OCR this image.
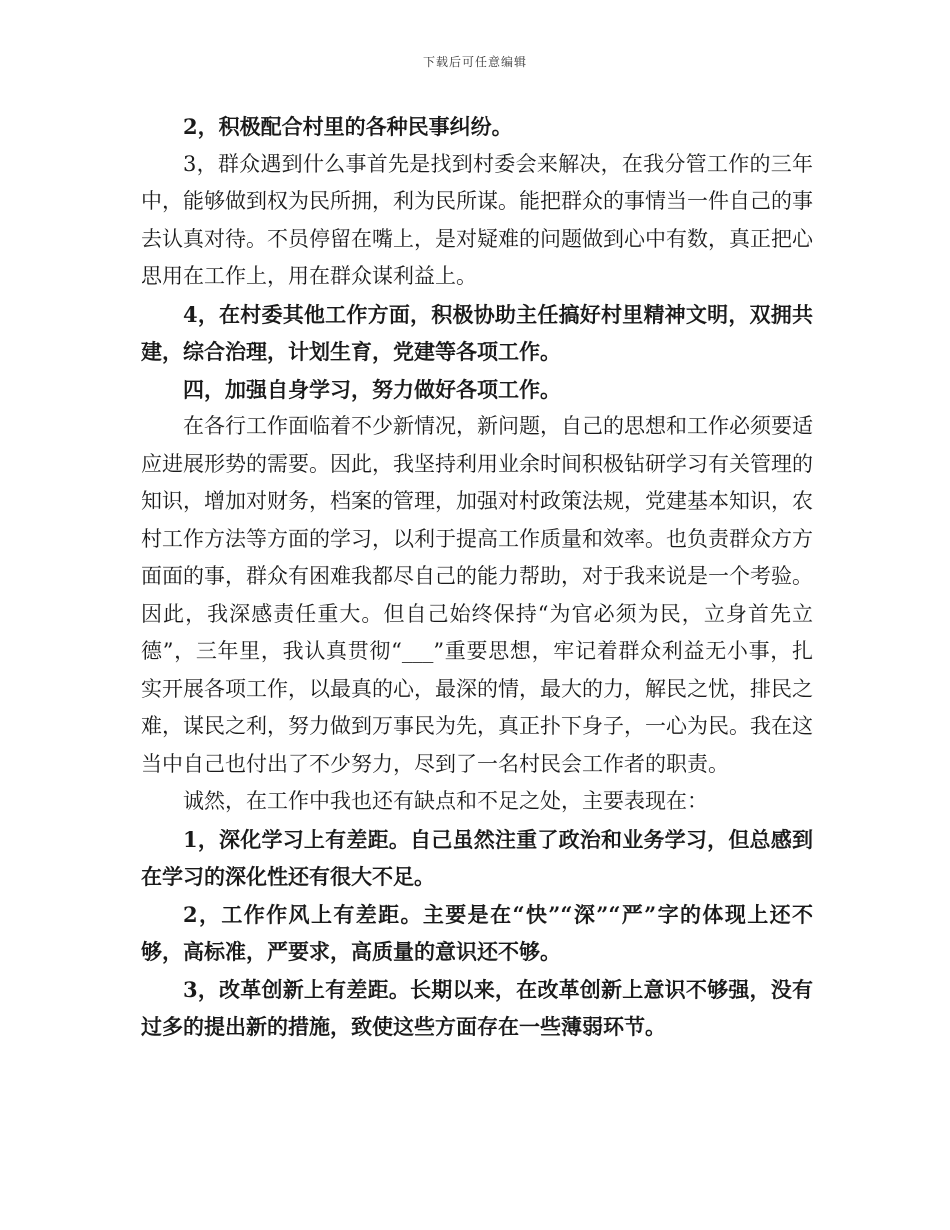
下载后可任意编辑

2，积极配合村里的各种民事纠纷。

3，群众遇到什么事首先是找到村委会来解决，在我分管工作的三年中，能够做到权为民所拥，利为民所谋。能把群众的事情当一件自己的事去认真对待。不员停留在嘴上，是对疑难的问题做到心中有数，真正把心思用在工作上，用在群众谋利益上。

4，在村委其他工作方面，积极协助主任搞好村里精神文明，双拥共建，综合治理，计划生育，党建等各项工作。

四，加强自身学习，努力做好各项工作。

在各行工作面临着不少新情况，新问题，自己的思想和工作必须要适应进展形势的需要。因此，我坚持利用业余时间积极钻研学习有关管理的知识，增加对财务，档案的管理，加强对村政策法规，党建基本知识，农村工作方法等方面的学习，以利于提高工作质量和效率。也负责群众方方面面的事，群众有困难我都尽自己的能力帮助，对于我来说是一个考验。因此，我深感责任重大。但自己始终保持“为官必须为民，立身首先立德”，三年里，我认真贯彻“___”重要思想，牢记着群众利益无小事，扎实开展各项工作，以最真的心，最深的情，最大的力，解民之忧，排民之难，谋民之利，努力做到万事民为先，真正扑下身子，一心为民。我在这当中自己也付出了不少努力，尽到了一名村民会工作者的职责。

诚然，在工作中我也还有缺点和不足之处，主要表现在：

1，深化学习上有差距。自己虽然注重了政治和业务学习，但总感到在学习的深化性还有很大不足。

2，工作作风上有差距。主要是在“快”“深”“严”字的体现上还不够，高标准，严要求，高质量的意识还不够。

3，改革创新上有差距。长期以来，在改革创新上意识不够强，没有过多的提出新的措施，致使这些方面存在一些薄弱环节。
